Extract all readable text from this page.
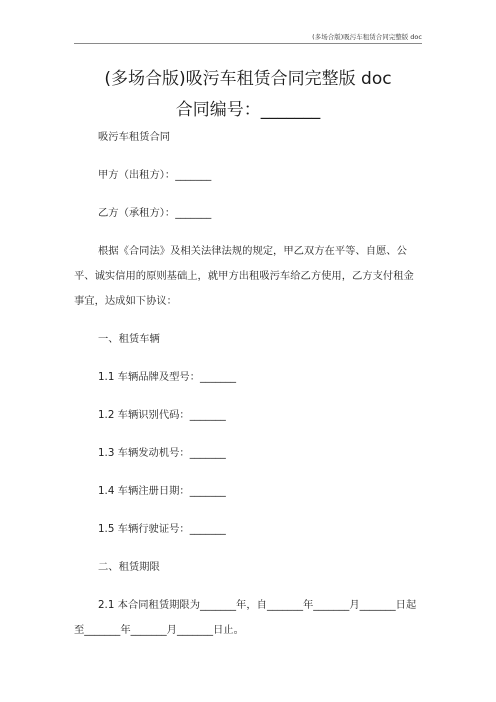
(多场合版)吸污车租赁合同完整版 doc
(多场合版)吸污车租赁合同完整版 doc
合同编号：_______

吸污车租赁合同

甲方（出租方）：_______

乙方（承租方）：_______

根据《合同法》及相关法律法规的规定，甲乙双方在平等、自愿、公平、诚实信用的原则基础上，就甲方出租吸污车给乙方使用，乙方支付租金事宜，达成如下协议：

一、租赁车辆

1.1 车辆品牌及型号：_______

1.2 车辆识别代码：_______

1.3 车辆发动机号：_______

1.4 车辆注册日期：_______

1.5 车辆行驶证号：_______

二、租赁期限

2.1 本合同租赁期限为_______年，自_______年_______月_______日起至_______年_______月_______日止。
